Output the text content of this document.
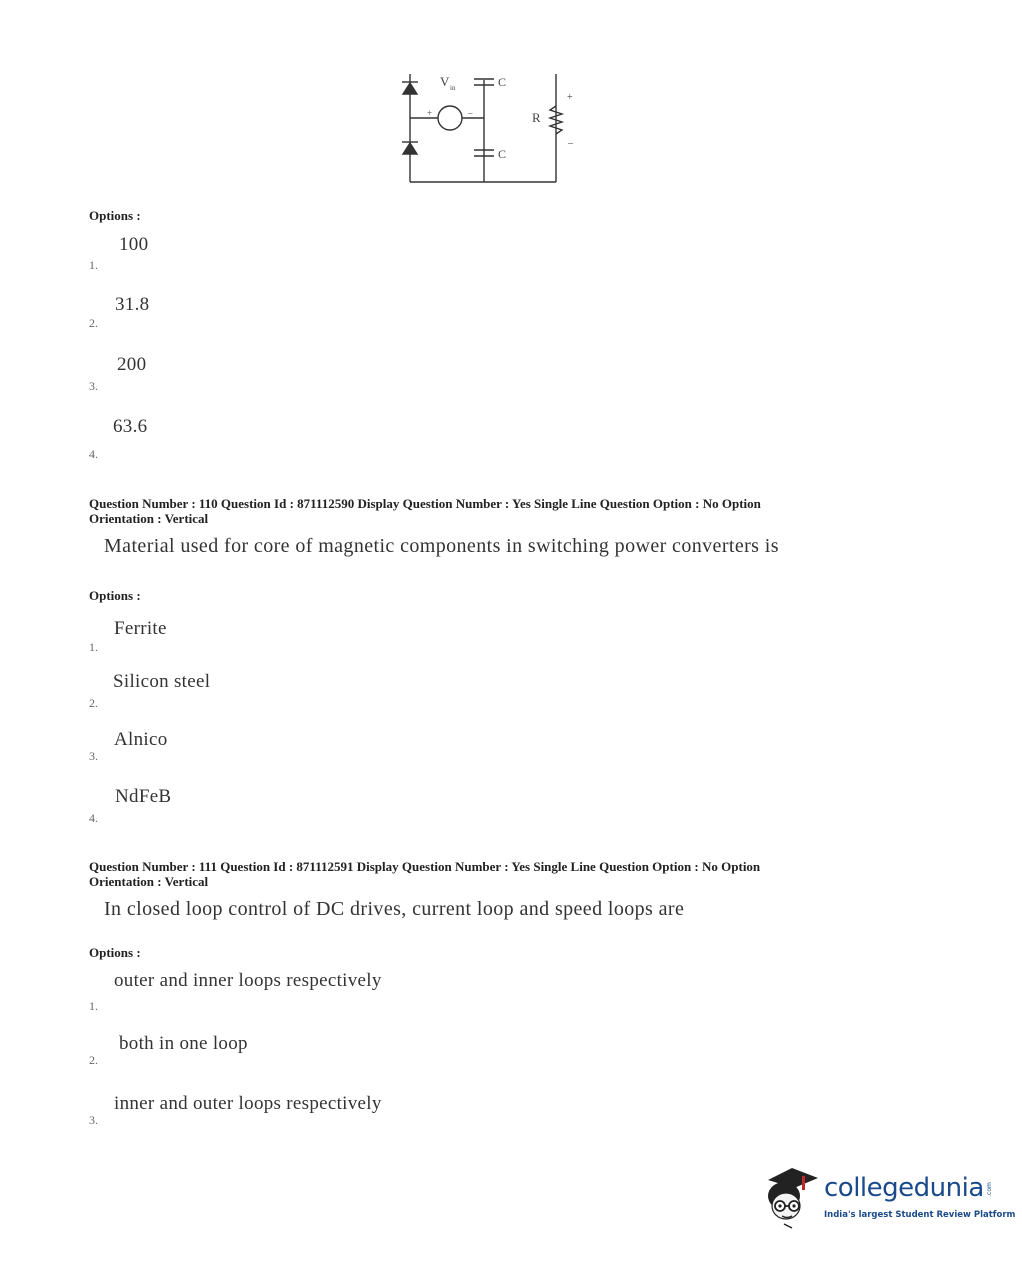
V in
+	–
C
C
R
+
–
Options :
100
1.
31.8
2.
200
3.
63.6
4.
Question Number : 110 Question Id : 871112590 Display Question Number : Yes Single Line Question Option : No Option
Orientation : Vertical
Material used for core of magnetic components in switching power converters is
Options :
Ferrite
1.
Silicon steel
2.
Alnico
3.
NdFeB
4.
Question Number : 111 Question Id : 871112591 Display Question Number : Yes Single Line Question Option : No Option
Orientation : Vertical
In closed loop control of DC drives, current loop and speed loops are
Options :
outer and inner loops respectively
1.
both in one loop
2.
inner and outer loops respectively
3.
collegedunia .com
India's largest Student Review Platform
